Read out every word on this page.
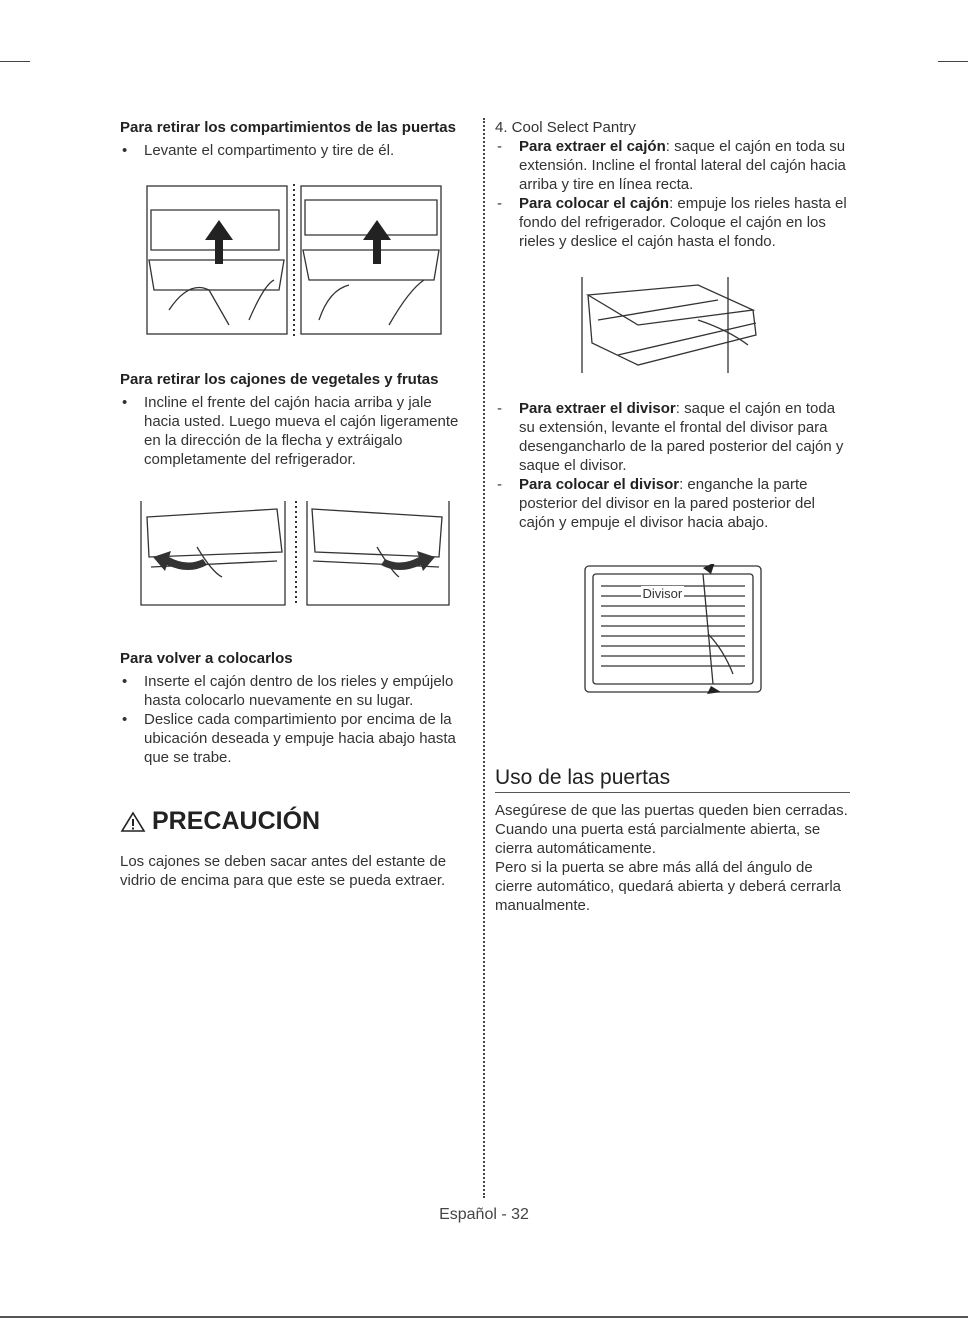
Para retirar los compartimientos de las puertas
• Levante el compartimento y tire de él.
Para retirar los cajones de vegetales y frutas
• Incline el frente del cajón hacia arriba y jale hacia usted. Luego mueva el cajón ligeramente en la dirección de la flecha y extráigalo completamente del refrigerador.
Para volver a colocarlos
• Inserte el cajón dentro de los rieles y empújelo hasta colocarlo nuevamente en su lugar.
• Deslice cada compartimiento por encima de la ubicación deseada y empuje hacia abajo hasta que se trabe.
PRECAUCIÓN

Los cajones se deben sacar antes del estante de vidrio de encima para que este se pueda extraer.

4. Cool Select Pantry

- Para extraer el cajón: saque el cajón en toda su extensión. Incline el frontal lateral del cajón hacia arriba y tire en línea recta.
- Para colocar el cajón: empuje los rieles hasta el fondo del refrigerador. Coloque el cajón en los rieles y deslice el cajón hasta el fondo.
- Para extraer el divisor: saque el cajón en toda su extensión, levante el frontal del divisor para desengancharlo de la pared posterior del cajón y saque el divisor.
- Para colocar el divisor: enganche la parte posterior del divisor en la pared posterior del cajón y empuje el divisor hacia abajo.
Divisor
Uso de las puertas

Asegúrese de que las puertas queden bien cerradas.

Cuando una puerta está parcialmente abierta, se cierra automáticamente.

Pero si la puerta se abre más allá del ángulo de cierre automático, quedará abierta y deberá cerrarla manualmente.

Español - 32
